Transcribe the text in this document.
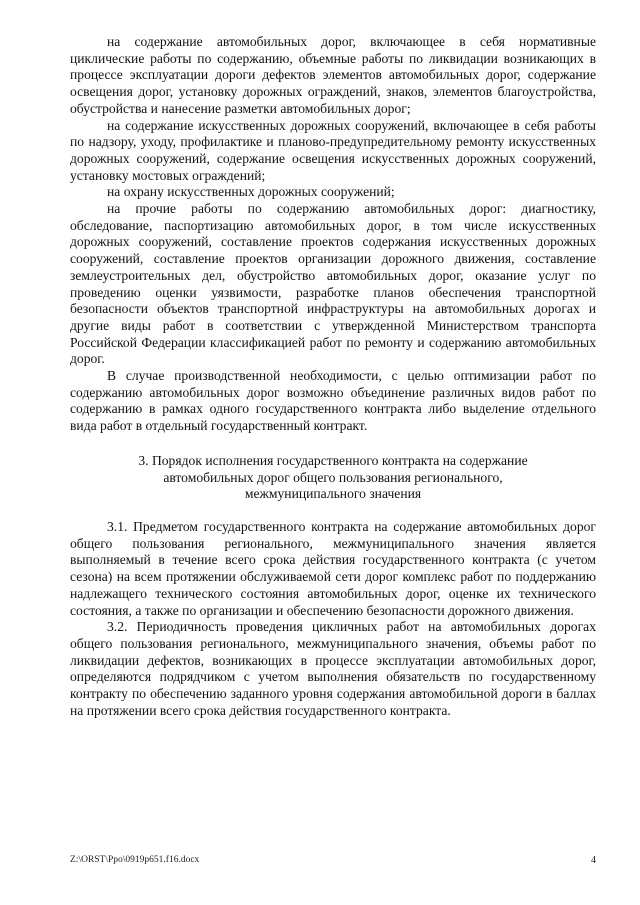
на содержание автомобильных дорог, включающее в себя нормативные циклические работы по содержанию, объемные работы по ликвидации возникающих в процессе эксплуатации дороги дефектов элементов автомобильных дорог, содержание освещения дорог, установку дорожных ограждений, знаков, элементов благоустройства, обустройства и нанесение разметки автомобильных дорог;

на содержание искусственных дорожных сооружений, включающее в себя работы по надзору, уходу, профилактике и планово-предупредительному ремонту искусственных дорожных сооружений, содержание освещения искусственных дорожных сооружений, установку мостовых ограждений;

на охрану искусственных дорожных сооружений;

на прочие работы по содержанию автомобильных дорог: диагностику, обследование, паспортизацию автомобильных дорог, в том числе искусственных дорожных сооружений, составление проектов содержания искусственных дорожных сооружений, составление проектов организации дорожного движения, составление землеустроительных дел, обустройство автомобильных дорог, оказание услуг по проведению оценки уязвимости, разработке планов обеспечения транспортной безопасности объектов транспортной инфраструктуры на автомобильных дорогах и другие виды работ в соответствии с утвержденной Министерством транспорта Российской Федерации классификацией работ по ремонту и содержанию автомобильных дорог.

В случае производственной необходимости, с целью оптимизации работ по содержанию автомобильных дорог возможно объединение различных видов работ по содержанию в рамках одного государственного контракта либо выделение отдельного вида работ в отдельный государственный контракт.

3. Порядок исполнения государственного контракта на содержание
автомобильных дорог общего пользования регионального,
межмуниципального значения

3.1. Предметом государственного контракта на содержание автомобильных дорог общего пользования регионального, межмуниципального значения является выполняемый в течение всего срока действия государственного контракта (с учетом сезона) на всем протяжении обслуживаемой сети дорог комплекс работ по поддержанию надлежащего технического состояния автомобильных дорог, оценке их технического состояния, а также по организации и обеспечению безопасности дорожного движения.

3.2. Периодичность проведения цикличных работ на автомобильных дорогах общего пользования регионального, межмуниципального значения, объемы работ по ликвидации дефектов, возникающих в процессе эксплуатации автомобильных дорог, определяются подрядчиком с учетом выполнения обязательств по государственному контракту по обеспечению заданного уровня содержания автомобильной дороги в баллах на протяжении всего срока действия государственного контракта.

Z:\ORST\Ppo\0919p651.f16.docx	4
